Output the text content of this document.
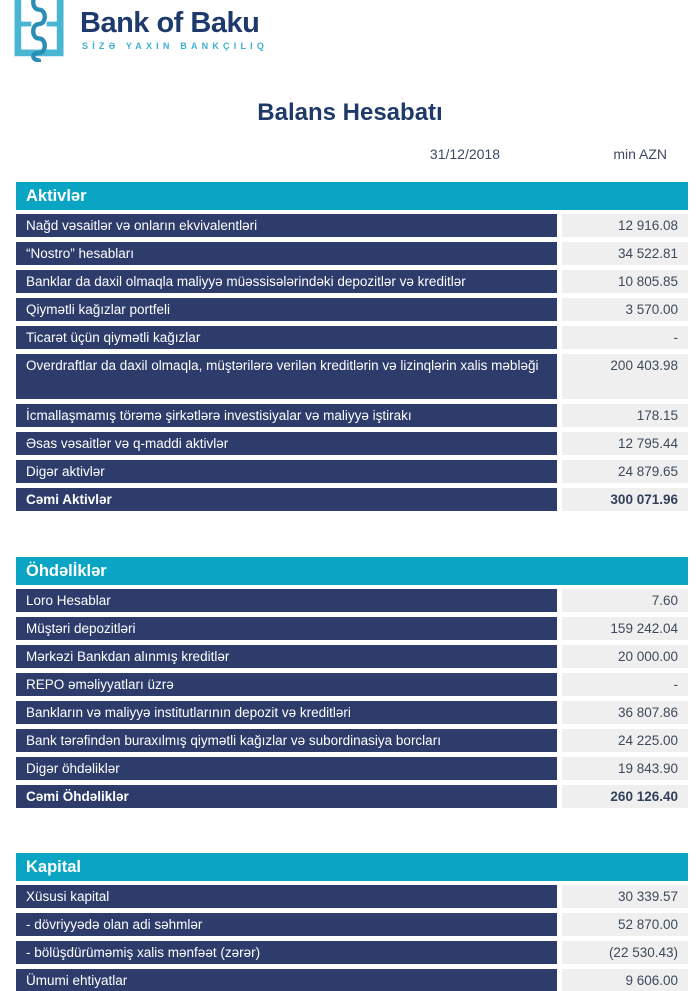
Bank of Baku
SİZƏ YAXIN BANKÇILIQ
Balans Hesabatı
31/12/2018	min AZN
Aktivlər
Nağd vəsaitlər və onların ekvivalentləri	12 916.08
“Nostro” hesabları	34 522.81
Banklar da daxil olmaqla maliyyə müəssisələrindəki depozitlər və kreditlər	10 805.85
Qiymətli kağızlar portfeli	3 570.00
Ticarət üçün qiymətli kağızlar	-
Overdraftlar da daxil olmaqla, müştərilərə verilən kreditlərin və lizinqlərin xalis məbləği	200 403.98
İcmallaşmamış törəmə şirkətlərə investisiyalar və maliyyə iştirakı	178.15
Əsas vəsaitlər və q-maddi aktivlər	12 795.44
Digər aktivlər	24 879.65
Cəmi Aktivlər	300 071.96
Öhdəlİklər
Loro Hesablar	7.60
Müştəri depozitləri	159 242.04
Mərkəzi Bankdan alınmış kreditlər	20 000.00
REPO əməliyyatları üzrə	-
Bankların və maliyyə institutlarının depozit və kreditləri	36 807.86
Bank tərəfindən buraxılmış qiymətli kağızlar və subordinasiya borcları	24 225.00
Digər öhdəliklər	19 843.90
Cəmi Öhdəliklər	260 126.40
Kapital
Xüsusi kapital	30 339.57
- dövriyyədə olan adi səhmlər	52 870.00
- bölüşdürüməmiş xalis mənfəət (zərər)	(22 530.43)
Ümumi ehtiyatlar	9 606.00
